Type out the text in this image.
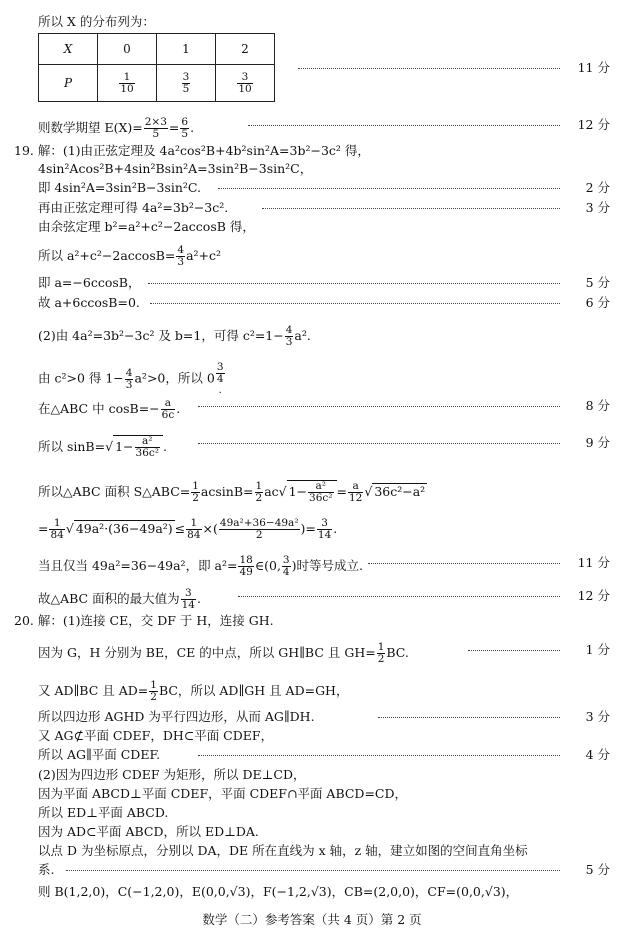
所以 X 的分布列为：
X	0	1	2
P	$\frac{1}{10}$	$\frac{3}{5}$	$\frac{3}{10}$
11 分
则数学期望 $E(X)= \frac{2\times 3}{5} = \frac{6}{5}$ .	12 分
19. 解：(1)由正弦定理及 4a²cos²B+4b²sin²A=3b²−3c² 得，
4sin²Acos²B+4sin²Bsin²A=3sin²B−3sin²C，
即 4sin²A=3sin²B−3sin²C.	2 分
再由正弦定理可得 4a²=3b²−3c².	3 分
由余弦定理 b²=a²+c²−2accosB 得，
所以 $a^2+c^2-2accosB= \frac{4}{3} a^2+c^2$
即 a=−6ccosB，	5 分
故 a+6ccosB=0.	6 分
(2)由 4a²=3b²−3c² 及 b=1，可得 $c^2=1- \frac{4}{3} a^2$.
由 c²>0 得 $1- \frac{4}{3} a^2>0$，所以 0
3
4
.
在△ABC 中 $\cos B=- \frac{a}{6c}$ .	8 分
所以 sinB=√ $1- \frac{\text{a²}}{\text{36c²}}$ .	9 分
所以△ABC 面积 S△ABC= $\frac{1}{2} acsinB= \frac{1}{2} ac√$ $1- \frac{\text{a²}}{\text{36c²}} = \frac{a}{12}$ √ 36c²−a²
= $\frac{1}{84}$ √ $49a^2\cdot(36-49a^2) \le \frac{1}{84}$ ×( $\frac{\text{49a²+36−49a²}}{2}$ )= $\frac{3}{14}$ .
当且仅当 49a²=36−49a²，即 $a^2= \frac{18}{49}$ ∈(0, $\frac{3}{4}$ )时等号成立.	11 分
故△ABC 面积的最大值为 $\frac{3}{14}$ .	12 分
20. 解：(1)连接 CE，交 DF 于 H，连接 GH.
因为 G，H 分别为 BE，CE 的中点，所以 GH∥BC 且 $GH= \frac{1}{2}$ BC.	1 分
又 AD∥BC 且 $AD= \frac{1}{2}$ BC，所以 AD∥GH 且 AD=GH，
所以四边形 AGHD 为平行四边形，从而 AG∥DH.	3 分
又 AG⊄平面 CDEF，DH⊂平面 CDEF，
所以 AG∥平面 CDEF.	4 分
(2)因为四边形 CDEF 为矩形，所以 DE⊥CD，
因为平面 ABCD⊥平面 CDEF，平面 CDEF∩平面 ABCD=CD，
所以 ED⊥平面 ABCD.
因为 AD⊂平面 ABCD，所以 ED⊥DA.
以点 D 为坐标原点，分别以 DA，DE 所在直线为 x 轴，z 轴，建立如图的空间直角坐标
系.	5 分
则 B(1,2,0)，C(−1,2,0)，E(0,0,√3)，F(−1,2,√3)，CB=(2,0,0)，CF=(0,0,√3)，
数学（二）参考答案（共 4 页）第 2 页
